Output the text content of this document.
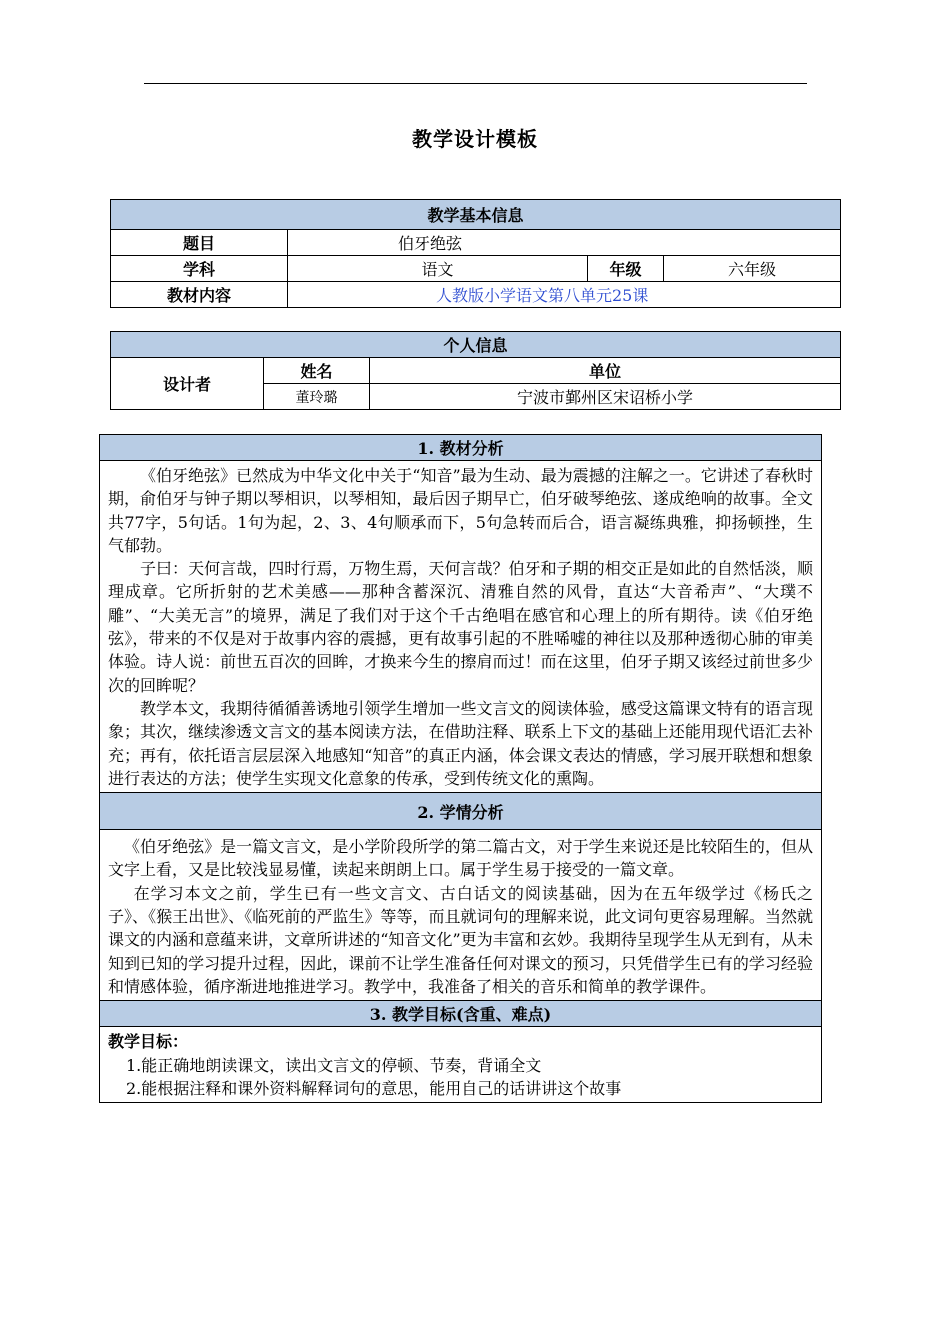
教学设计模板
教学基本信息			
题目	伯牙绝弦		
学科	语文	年级	六年级
教材内容	人教版小学语文第八单元25课		
个人信息		
设计者	姓名	单位
	董玲璐	宁波市鄞州区宋诏桥小学
1. 教材分析

《伯牙绝弦》已然成为中华文化中关于“知音”最为生动、最为震撼的注解之一。它讲述了春秋时期，俞伯牙与钟子期以琴相识，以琴相知，最后因子期早亡，伯牙破琴绝弦、遂成绝响的故事。全文共77字，5句话。1句为起，2、3、4句顺承而下，5句急转而后合，语言凝练典雅，抑扬顿挫，生气郁勃。

子曰：天何言哉，四时行焉，万物生焉，天何言哉？伯牙和子期的相交正是如此的自然恬淡，顺理成章。它所折射的艺术美感——那种含蓄深沉、清雅自然的风骨，直达“大音希声”、“大璞不雕”、“大美无言”的境界，满足了我们对于这个千古绝唱在感官和心理上的所有期待。读《伯牙绝弦》，带来的不仅是对于故事内容的震撼，更有故事引起的不胜唏嘘的神往以及那种透彻心肺的审美体验。诗人说：前世五百次的回眸，才换来今生的擦肩而过！而在这里，伯牙子期又该经过前世多少次的回眸呢？

教学本文，我期待循循善诱地引领学生增加一些文言文的阅读体验，感受这篇课文特有的语言现象；其次，继续渗透文言文的基本阅读方法，在借助注释、联系上下文的基础上还能用现代语汇去补充；再有，依托语言层层深入地感知“知音”的真正内涵，体会课文表达的情感，学习展开联想和想象进行表达的方法；使学生实现文化意象的传承，受到传统文化的熏陶。

2. 学情分析

《伯牙绝弦》是一篇文言文，是小学阶段所学的第二篇古文，对于学生来说还是比较陌生的，但从文字上看，又是比较浅显易懂，读起来朗朗上口。属于学生易于接受的一篇文章。

在学习本文之前，学生已有一些文言文、古白话文的阅读基础，因为在五年级学过《杨氏之子》、《猴王出世》、《临死前的严监生》等等，而且就词句的理解来说，此文词句更容易理解。当然就课文的内涵和意蕴来讲，文章所讲述的“知音文化”更为丰富和玄妙。我期待呈现学生从无到有，从未知到已知的学习提升过程，因此，课前不让学生准备任何对课文的预习，只凭借学生已有的学习经验和情感体验，循序渐进地推进学习。教学中，我准备了相关的音乐和简单的教学课件。

3. 教学目标(含重、难点)

教学目标：

1.能正确地朗读课文，读出文言文的停顿、节奏，背诵全文

2.能根据注释和课外资料解释词句的意思，能用自己的话讲讲这个故事
